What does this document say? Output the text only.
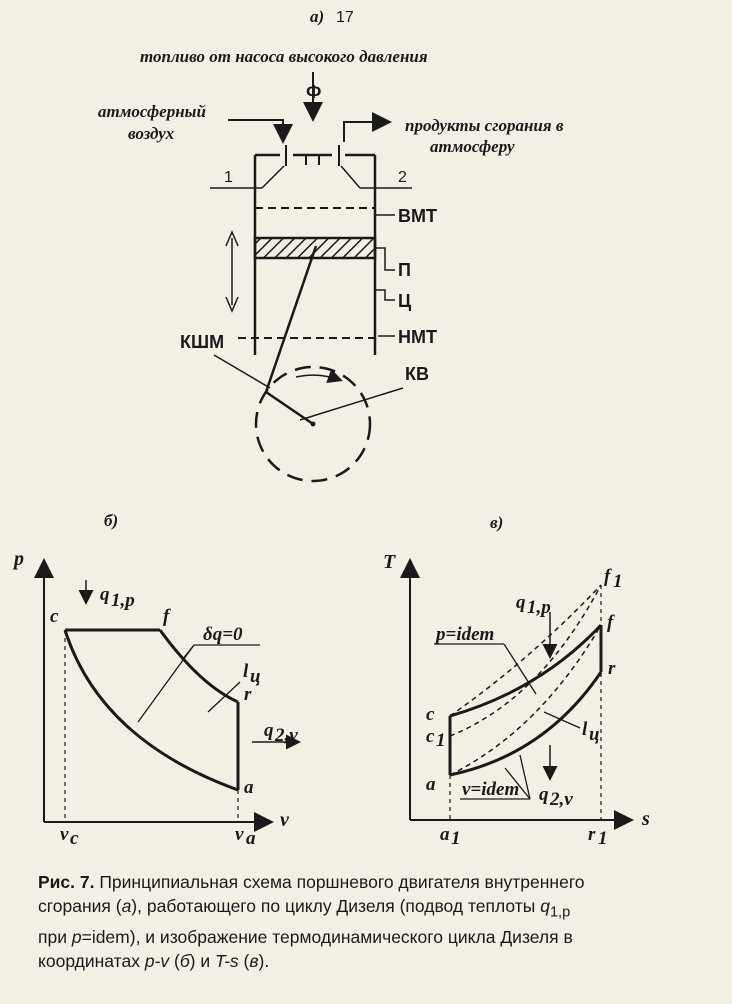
а) 17
топливо от насоса высокого давления
Ф
атмосферный
воздух	продукты сгорания в
атмосферу
1	2
ВМТ
П
Ц
НМТ
КШМ
КВ
б)
p
v
q 1,p
δq=0
l ц
q 2,v
c	f
r
a
v c	v a
в)
T
s
q 1,p
q 2,v
p=idem
v=idem
l ц
f 1
f
r
c
c 1
a
a 1	r 1
Рис. 7. Принципиальная схема поршневого двигателя внутреннего
сгорания (а), работающего по циклу Дизеля (подвод теплоты $q_{1,p}$
при p=idem), и изображение термодинамического цикла Дизеля в
координатах p-v (б) и T-s (в).
